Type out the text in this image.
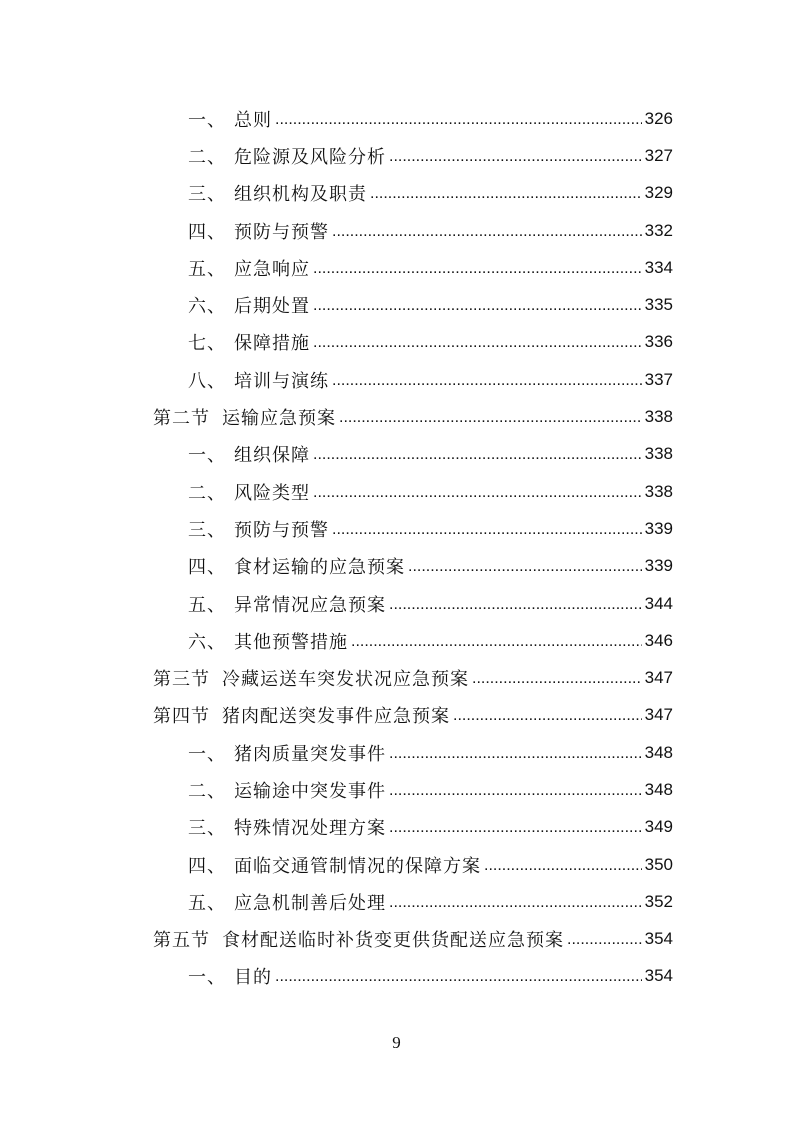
一、 总则 .....	326
二、 危险源及风险分析 .....	327
三、 组织机构及职责 .....	329
四、 预防与预警 .....	332
五、 应急响应 .....	334
六、 后期处置 .....	335
七、 保障措施 .....	336
八、 培训与演练 .....	337
第二节 运输应急预案 .....	338
一、 组织保障 .....	338
二、 风险类型 .....	338
三、 预防与预警 .....	339
四、 食材运输的应急预案 .....	339
五、 异常情况应急预案 .....	344
六、 其他预警措施 .....	346
第三节 冷藏运送车突发状况应急预案 .....	347
第四节 猪肉配送突发事件应急预案 .....	347
一、 猪肉质量突发事件 .....	348
二、 运输途中突发事件 .....	348
三、 特殊情况处理方案 .....	349
四、 面临交通管制情况的保障方案 .....	350
五、 应急机制善后处理 .....	352
第五节 食材配送临时补货变更供货配送应急预案 .....	354
一、 目的 .....	354
9
